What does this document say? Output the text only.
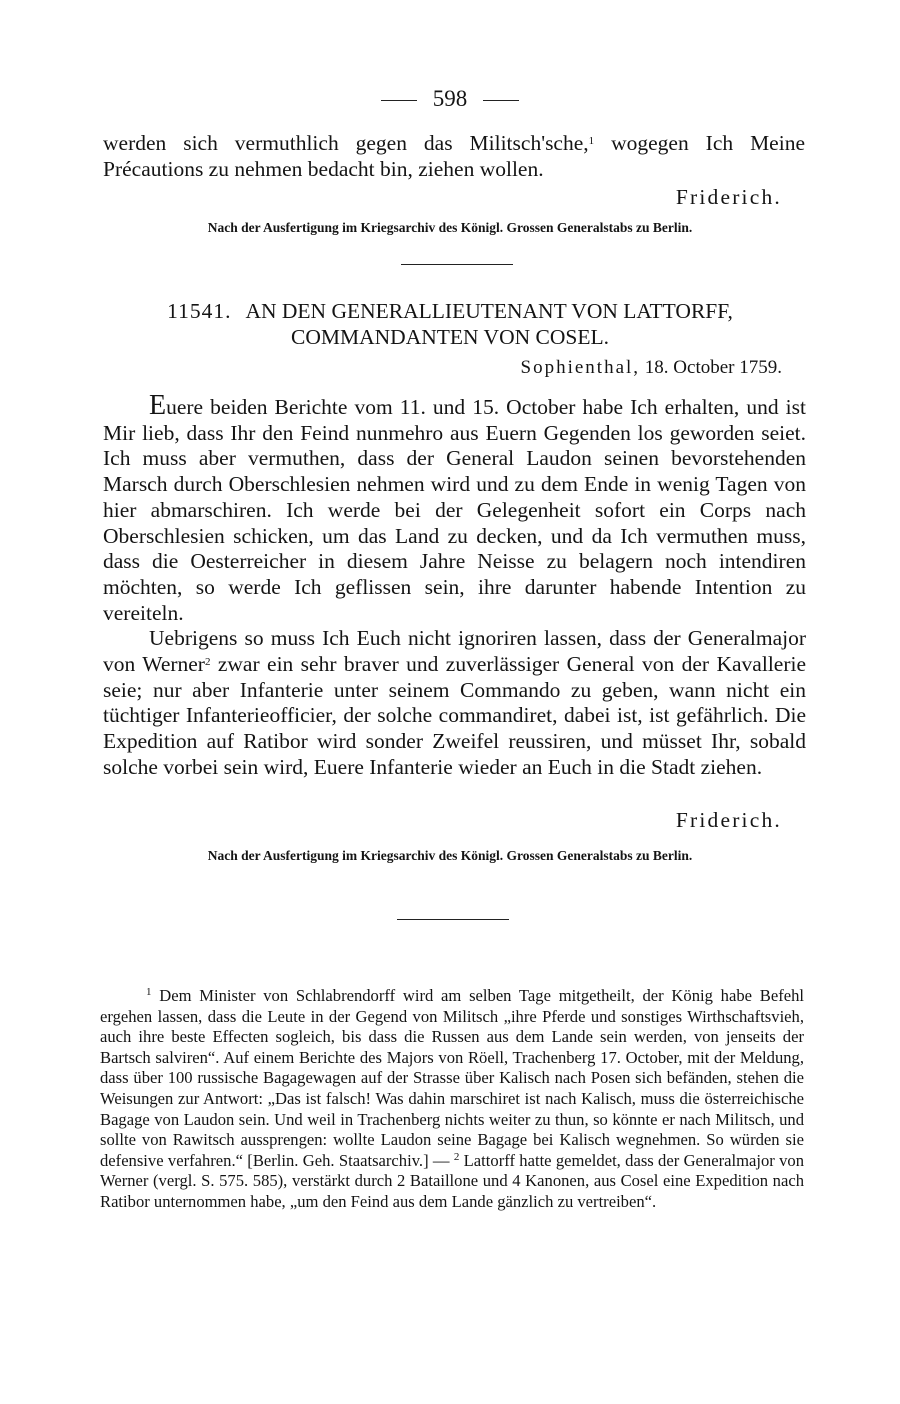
598

werden sich vermuthlich gegen das Militsch'sche,$^1$ wogegen Ich Meine Précautions zu nehmen bedacht bin, ziehen wollen.

Friderich.
Nach der Ausfertigung im Kriegsarchiv des Königl. Grossen Generalstabs zu Berlin.
11541. AN DEN GENERALLIEUTENANT VON LATTORFF,
COMMANDANTEN VON COSEL.
Sophienthal, 18. October 1759.

Euere beiden Berichte vom 11. und 15. October habe Ich erhalten, und ist Mir lieb, dass Ihr den Feind nunmehro aus Euern Gegenden los geworden seiet. Ich muss aber vermuthen, dass der General Laudon seinen bevorstehenden Marsch durch Oberschlesien nehmen wird und zu dem Ende in wenig Tagen von hier abmarschiren. Ich werde bei der Gelegenheit sofort ein Corps nach Oberschlesien schicken, um das Land zu decken, und da Ich vermuthen muss, dass die Oesterreicher in diesem Jahre Neisse zu belagern noch intendiren möchten, so werde Ich geflissen sein, ihre darunter habende Intention zu vereiteln.

Uebrigens so muss Ich Euch nicht ignoriren lassen, dass der Generalmajor von Werner$^2$ zwar ein sehr braver und zuverlässiger General von der Kavallerie seie; nur aber Infanterie unter seinem Commando zu geben, wann nicht ein tüchtiger Infanterieofficier, der solche commandiret, dabei ist, ist gefährlich. Die Expedition auf Ratibor wird sonder Zweifel reussiren, und müsset Ihr, sobald solche vorbei sein wird, Euere Infanterie wieder an Euch in die Stadt ziehen.

Friderich.
Nach der Ausfertigung im Kriegsarchiv des Königl. Grossen Generalstabs zu Berlin.

$^1$ Dem Minister von Schlabrendorff wird am selben Tage mitgetheilt, der König habe Befehl ergehen lassen, dass die Leute in der Gegend von Militsch „ihre Pferde und sonstiges Wirthschaftsvieh, auch ihre beste Effecten sogleich, bis dass die Russen aus dem Lande sein werden, von jenseits der Bartsch salviren“. Auf einem Berichte des Majors von Röell, Trachenberg 17. October, mit der Meldung, dass über 100 russische Bagagewagen auf der Strasse über Kalisch nach Posen sich befänden, stehen die Weisungen zur Antwort: „Das ist falsch! Was dahin marschiret ist nach Kalisch, muss die österreichische Bagage von Laudon sein. Und weil in Trachenberg nichts weiter zu thun, so könnte er nach Militsch, und sollte von Rawitsch aussprengen: wollte Laudon seine Bagage bei Kalisch wegnehmen. So würden sie defensive verfahren.“ [Berlin. Geh. Staatsarchiv.] — $^2$ Lattorff hatte gemeldet, dass der Generalmajor von Werner (vergl. S. 575. 585), verstärkt durch 2 Bataillone und 4 Kanonen, aus Cosel eine Expedition nach Ratibor unternommen habe, „um den Feind aus dem Lande gänzlich zu vertreiben“.
